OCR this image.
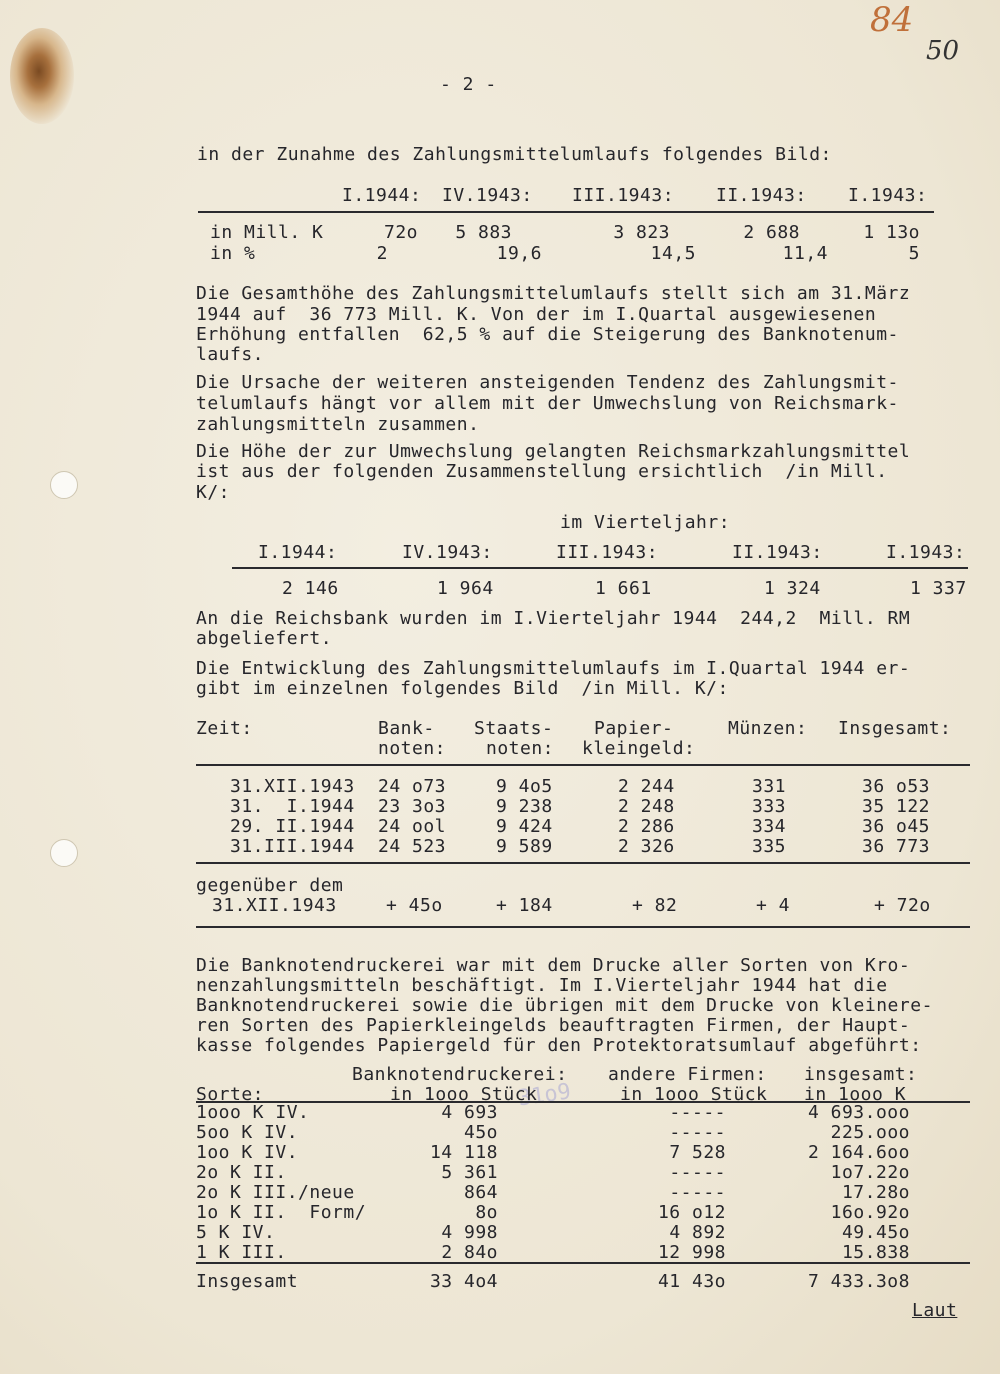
84
50
- 2 -
in der Zunahme des Zahlungsmittelumlaufs folgendes Bild:
I.1944: IV.1943: III.1943: II.1943: I.1943:
in Mill. K	72o	5 883	3 823	2 688	1 13o
in %	2	19,6	14,5	11,4	5
Die Gesamthöhe des Zahlungsmittelumlaufs stellt sich am 31.März
1944 auf  36 773 Mill. K. Von der im I.Quartal ausgewiesenen
Erhöhung entfallen  62,5 % auf die Steigerung des Banknotenum-
laufs.
Die Ursache der weiteren ansteigenden Tendenz des Zahlungsmit-
telumlaufs hängt vor allem mit der Umwechslung von Reichsmark-
zahlungsmitteln zusammen.
Die Höhe der zur Umwechslung gelangten Reichsmarkzahlungsmittel
ist aus der folgenden Zusammenstellung ersichtlich  /in Mill.
K/:
im Vierteljahr:
I.1944:	IV.1943:	III.1943:	II.1943:	I.1943:
2 146	1 964	1 661	1 324	1 337
An die Reichsbank wurden im I.Vierteljahr 1944  244,2  Mill. RM
abgeliefert.
Die Entwicklung des Zahlungsmittelumlaufs im I.Quartal 1944 er-
gibt im einzelnen folgendes Bild  /in Mill. K/:
Zeit:	Bank- Staats- Papier-	Münzen: Insgesamt:
noten: noten: kleingeld:
31.XII.1943 24 o73	9 4o5	2 244	331	36 o53
31.  I.1944 23 3o3	9 238	2 248	333	35 122
29. II.1944 24 ool	9 424	2 286	334	36 o45
31.III.1944 24 523	9 589	2 326	335	36 773
gegenüber dem
31.XII.1943	+ 45o	+ 184	+ 82	+ 4	+ 72o
Die Banknotendruckerei war mit dem Drucke aller Sorten von Kro-
nenzahlungsmitteln beschäftigt. Im I.Vierteljahr 1944 hat die
Banknotendruckerei sowie die übrigen mit dem Drucke von kleinere-
ren Sorten des Papierkleingelds beauftragten Firmen, der Haupt-
kasse folgendes Papiergeld für den Protektoratsumlauf abgeführt:
31o9
Banknotendruckerei: andere Firmen: insgesamt:
Sorte:	in 1ooo Stück	in 1ooo Stück in 1ooo K
1ooo K IV.	4 693	-----	4 693.ooo
5oo K IV.	45o	-----	225.ooo
1oo K IV.	14 118	7 528	2 164.6oo
2o K II.	5 361	-----	1o7.22o
2o K III./neue	864	-----	17.28o
1o K II.  Form/	8o	16 o12	16o.92o
5 K IV.	4 998	4 892	49.45o
1 K III.	2 84o	12 998	15.838
Insgesamt	33 4o4	41 43o	7 433.3o8
Laut
